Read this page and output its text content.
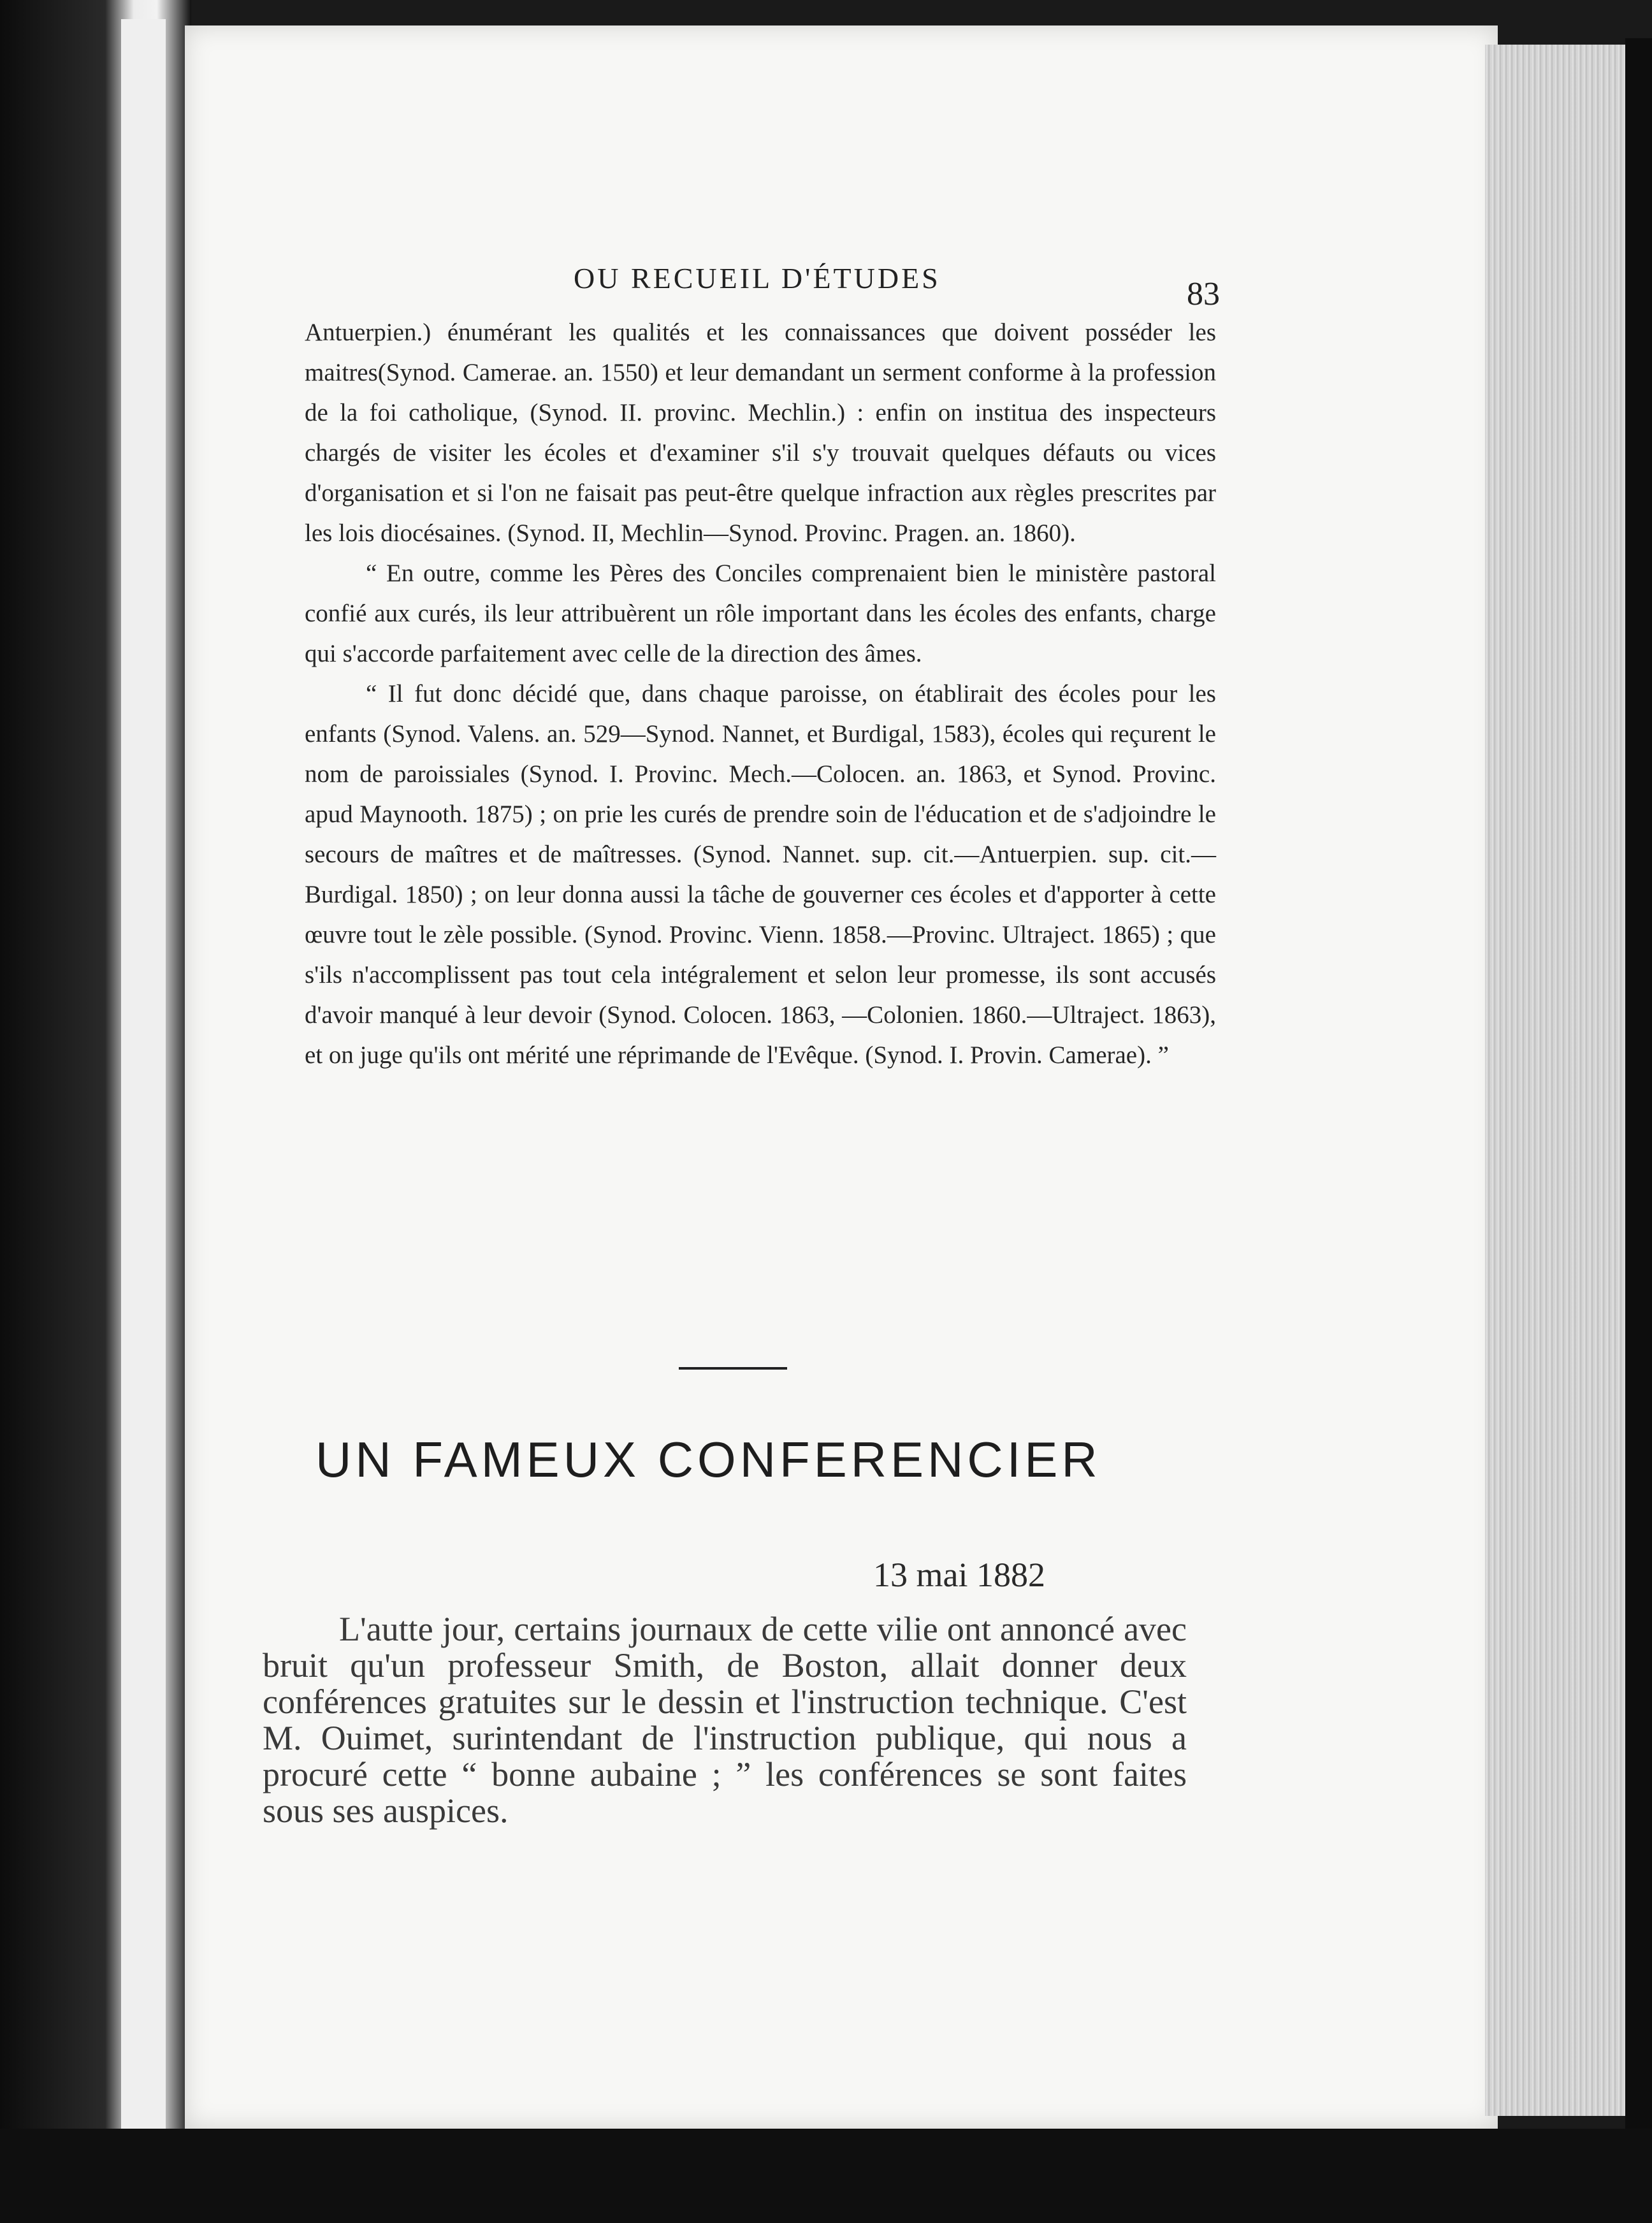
OU RECUEIL D'ÉTUDES	83

Antuerpien.) énumérant les qualités et les connaissances que doivent posséder les maitres(Synod. Camerae. an. 1550) et leur demandant un serment conforme à la profession de la foi catholique, (Synod. II. provinc. Mechlin.) : enfin on institua des inspecteurs chargés de visiter les écoles et d'examiner s'il s'y trouvait quelques défauts ou vices d'organisation et si l'on ne faisait pas peut-être quelque infraction aux règles prescrites par les lois diocésaines. (Synod. II, Mechlin—Synod. Provinc. Pragen. an. 1860).

“ En outre, comme les Pères des Conciles comprenaient bien le ministère pastoral confié aux curés, ils leur attribuèrent un rôle important dans les écoles des enfants, charge qui s'accorde parfaitement avec celle de la direction des âmes.

“ Il fut donc décidé que, dans chaque paroisse, on établirait des écoles pour les enfants (Synod. Valens. an. 529—Synod. Nannet, et Burdigal, 1583), écoles qui reçurent le nom de paroissiales (Synod. I. Provinc. Mech.—Colocen. an. 1863, et Synod. Provinc. apud Maynooth. 1875) ; on prie les curés de prendre soin de l'éducation et de s'adjoindre le secours de maîtres et de maîtresses. (Synod. Nannet. sup. cit.—Antuerpien. sup. cit.—Burdigal. 1850) ; on leur donna aussi la tâche de gouverner ces écoles et d'apporter à cette œuvre tout le zèle possible. (Synod. Provinc. Vienn. 1858.—Provinc. Ultraject. 1865) ; que s'ils n'accomplissent pas tout cela intégralement et selon leur promesse, ils sont accusés d'avoir manqué à leur devoir (Synod. Colocen. 1863, —Colonien. 1860.—Ultraject. 1863), et on juge qu'ils ont mérité une réprimande de l'Evêque. (Synod. I. Provin. Camerae). ”

UN FAMEUX CONFERENCIER
13 mai 1882
L'autte jour, certains journaux de cette vilie ont annoncé avec bruit qu'un professeur Smith, de Boston, allait donner deux conférences gratuites sur le dessin et l'instruction technique. C'est M. Ouimet, surintendant de l'instruction publique, qui nous a procuré cette “ bonne aubaine ; ” les conférences se sont faites sous ses auspices.
